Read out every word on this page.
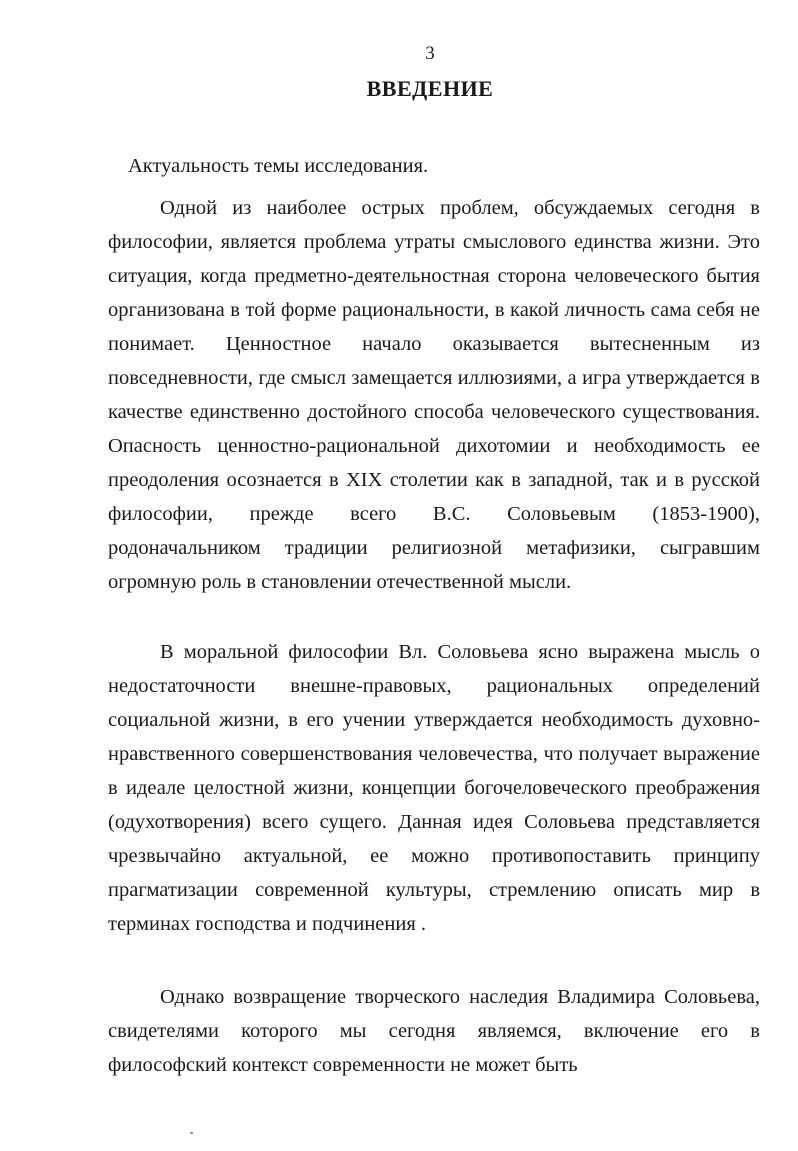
3
ВВЕДЕНИЕ
Актуальность темы исследования.

Одной из наиболее острых проблем, обсуждаемых сегодня в философии, является проблема утраты смыслового единства жизни. Это ситуация, когда предметно-деятельностная сторона человеческого бытия организована в той форме рациональности, в какой личность сама себя не понимает. Ценностное начало оказывается вытесненным из повседневности, где смысл замещается иллюзиями, а игра утверждается в качестве единственно достойного способа человеческого существования. Опасность ценностно-рациональной дихотомии и необходимость ее преодоления осознается в XIX столетии как в западной, так и в русской философии, прежде всего В.С. Соловьевым (1853-1900), родоначальником традиции религиозной метафизики, сыгравшим огромную роль в становлении отечественной мысли.

В моральной философии Вл. Соловьева ясно выражена мысль о недостаточности внешне-правовых, рациональных определений социальной жизни, в его учении утверждается необходимость духовно-нравственного совершенствования человечества, что получает выражение в идеале целостной жизни, концепции богочеловеческого преображения (одухотворения) всего сущего. Данная идея Соловьева представляется чрезвычайно актуальной, ее можно противопоставить принципу прагматизации современной культуры, стремлению описать мир в терминах господства и подчинения .

Однако возвращение творческого наследия Владимира Соловьева, свидетелями которого мы сегодня являемся, включение его в философский контекст современности не может быть
